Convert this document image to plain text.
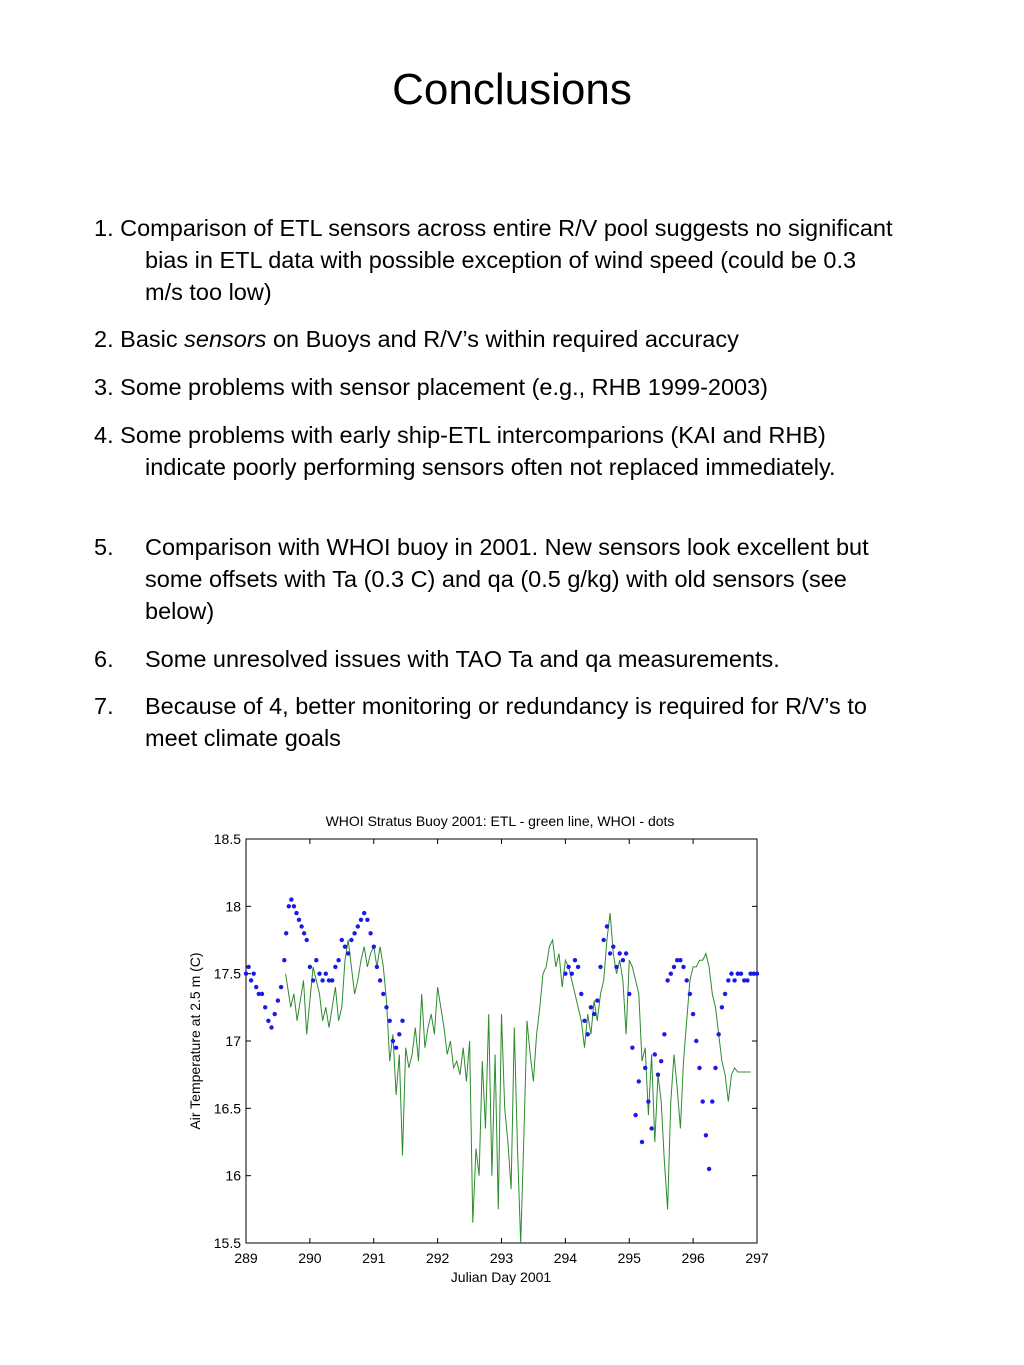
Conclusions
1. Comparison of ETL sensors across entire R/V pool suggests no significant bias in ETL data with possible exception of wind speed (could be 0.3 m/s too low)
2. Basic sensors on Buoys and R/V’s within required accuracy
3. Some problems with sensor placement (e.g., RHB 1999-2003)
4. Some problems with early ship-ETL intercomparions (KAI and RHB) indicate poorly performing sensors often not replaced immediately.
5. Comparison with WHOI buoy in 2001. New sensors look excellent but some offsets with Ta (0.3 C) and qa (0.5 g/kg) with old sensors (see below)
6. Some unresolved issues with TAO Ta and qa measurements.
7. Because of 4, better monitoring or redundancy is required for R/V’s to meet climate goals
WHOI Stratus Buoy 2001: ETL - green line, WHOI - dots
289	290	291	292	293	294	295	296	297
15.5
16
16.5
17
17.5
18
18.5
Julian Day 2001
Air Temperature at 2.5 m (C)
